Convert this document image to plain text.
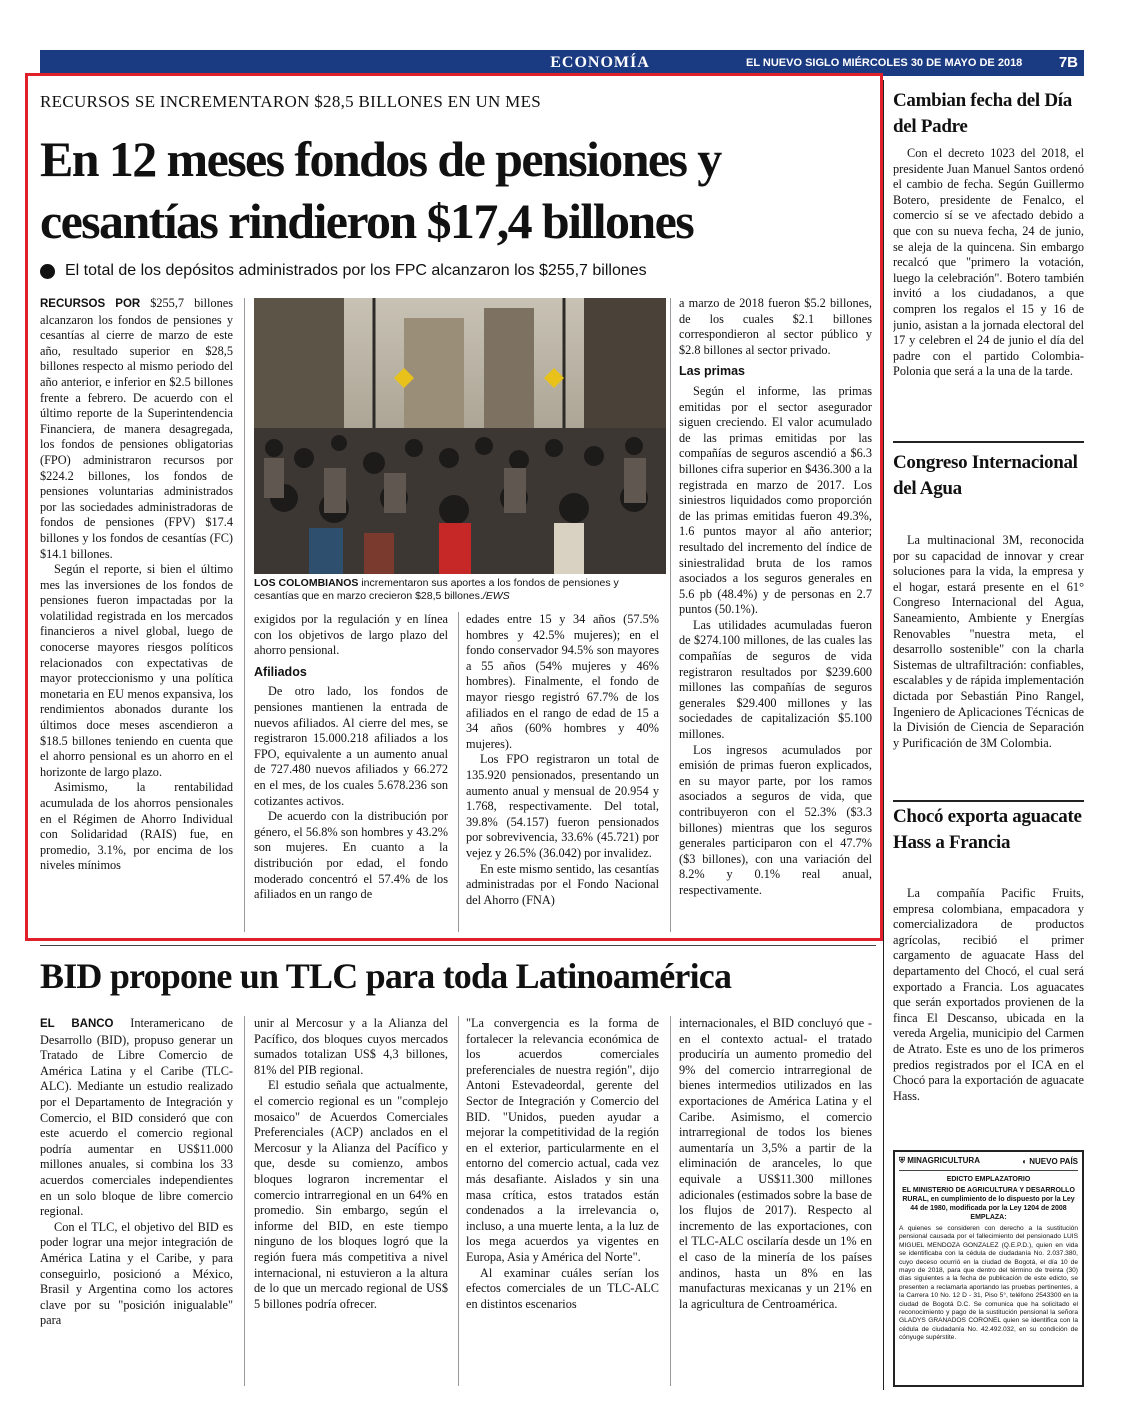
ECONOMÍA	EL NUEVO SIGLO MIÉRCOLES 30 DE MAYO DE 2018	7B
RECURSOS SE INCREMENTARON $28,5 BILLONES EN UN MES
En 12 meses fondos de pensiones y cesantías rindieron $17,4 billones
El total de los depósitos administrados por los FPC alcanzaron los $255,7 billones

RECURSOS POR $255,7 billones alcanzaron los fondos de pensiones y cesantías al cierre de marzo de este año, resultado superior en $28,5 billones respecto al mismo periodo del año anterior, e inferior en $2.5 billones frente a febrero. De acuerdo con el último reporte de la Superintendencia Financiera, de manera desagregada, los fondos de pensiones obligatorias (FPO) administraron recursos por $224.2 billones, los fondos de pensiones voluntarias administrados por las sociedades administradoras de fondos de pensiones (FPV) $17.4 billones y los fondos de cesantías (FC) $14.1 billones.

Según el reporte, si bien el último mes las inversiones de los fondos de pensiones fueron impactadas por la volatilidad registrada en los mercados financieros a nivel global, luego de conocerse mayores riesgos políticos relacionados con expectativas de mayor proteccionismo y una política monetaria en EU menos expansiva, los rendimientos abonados durante los últimos doce meses ascendieron a $18.5 billones teniendo en cuenta que el ahorro pensional es un ahorro en el horizonte de largo plazo.

Asimismo, la rentabilidad acumulada de los ahorros pensionales en el Régimen de Ahorro Individual con Solidaridad (RAIS) fue, en promedio, 3.1%, por encima de los niveles mínimos

LOS COLOMBIANOS incrementaron sus aportes a los fondos de pensiones y cesantías que en marzo crecieron $28,5 billones./EWS

exigidos por la regulación y en línea con los objetivos de largo plazo del ahorro pensional.

Afiliados

De otro lado, los fondos de pensiones mantienen la entrada de nuevos afiliados. Al cierre del mes, se registraron 15.000.218 afiliados a los FPO, equivalente a un aumento anual de 727.480 nuevos afiliados y 66.272 en el mes, de los cuales 5.678.236 son cotizantes activos.

De acuerdo con la distribución por género, el 56.8% son hombres y 43.2% son mujeres. En cuanto a la distribución por edad, el fondo moderado concentró el 57.4% de los afiliados en un rango de

edades entre 15 y 34 años (57.5% hombres y 42.5% mujeres); en el fondo conservador 94.5% son mayores a 55 años (54% mujeres y 46% hombres). Finalmente, el fondo de mayor riesgo registró 67.7% de los afiliados en el rango de edad de 15 a 34 años (60% hombres y 40% mujeres).

Los FPO registraron un total de 135.920 pensionados, presentando un aumento anual y mensual de 20.954 y 1.768, respectivamente. Del total, 39.8% (54.157) fueron pensionados por sobrevivencia, 33.6% (45.721) por vejez y 26.5% (36.042) por invalidez.

En este mismo sentido, las cesantías administradas por el Fondo Nacional del Ahorro (FNA)

a marzo de 2018 fueron $5.2 billones, de los cuales $2.1 billones correspondieron al sector público y $2.8 billones al sector privado.

Las primas

Según el informe, las primas emitidas por el sector asegurador siguen creciendo. El valor acumulado de las primas emitidas por las compañías de seguros ascendió a $6.3 billones cifra superior en $436.300 a la registrada en marzo de 2017. Los siniestros liquidados como proporción de las primas emitidas fueron 49.3%, 1.6 puntos mayor al año anterior; resultado del incremento del índice de siniestralidad bruta de los ramos asociados a los seguros generales en 5.6 pb (48.4%) y de personas en 2.7 puntos (50.1%).

Las utilidades acumuladas fueron de $274.100 millones, de las cuales las compañías de seguros de vida registraron resultados por $239.600 millones las compañías de seguros generales $29.400 millones y las sociedades de capitalización $5.100 millones.

Los ingresos acumulados por emisión de primas fueron explicados, en su mayor parte, por los ramos asociados a seguros de vida, que contribuyeron con el 52.3% ($3.3 billones) mientras que los seguros generales participaron con el 47.7% ($3 billones), con una variación del 8.2% y 0.1% real anual, respectivamente.

Cambian fecha del Día del Padre

Con el decreto 1023 del 2018, el presidente Juan Manuel Santos ordenó el cambio de fecha. Según Guillermo Botero, presidente de Fenalco, el comercio sí se ve afectado debido a que con su nueva fecha, 24 de junio, se aleja de la quincena. Sin embargo recalcó que "primero la votación, luego la celebración". Botero también invitó a los ciudadanos, a que compren los regalos el 15 y 16 de junio, asistan a la jornada electoral del 17 y celebren el 24 de junio el día del padre con el partido Colombia-Polonia que será a la una de la tarde.

Congreso Internacional del Agua

La multinacional 3M, reconocida por su capacidad de innovar y crear soluciones para la vida, la empresa y el hogar, estará presente en el 61° Congreso Internacional del Agua, Saneamiento, Ambiente y Energías Renovables "nuestra meta, el desarrollo sostenible" con la charla Sistemas de ultrafiltración: confiables, escalables y de rápida implementación dictada por Sebastián Pino Rangel, Ingeniero de Aplicaciones Técnicas de la División de Ciencia de Separación y Purificación de 3M Colombia.

Chocó exporta aguacate Hass a Francia

La compañía Pacific Fruits, empresa colombiana, empacadora y comercializadora de productos agrícolas, recibió el primer cargamento de aguacate Hass del departamento del Chocó, el cual será exportado a Francia. Los aguacates que serán exportados provienen de la finca El Descanso, ubicada en la vereda Argelia, municipio del Carmen de Atrato. Este es uno de los primeros predios registrados por el ICA en el Chocó para la exportación de aguacate Hass.

⛨ MINAGRICULTURA	◐ NUEVO PAÍS
EDICTO EMPLAZATORIO
EL MINISTERIO DE AGRICULTURA Y DESARROLLO RURAL, en cumplimiento de lo dispuesto por la Ley 44 de 1980, modificada por la Ley 1204 de 2008 EMPLAZA:
A quienes se consideren con derecho a la sustitución pensional causada por el fallecimiento del pensionado LUIS MIGUEL MENDOZA GONZALEZ (Q.E.P.D.), quien en vida se identificaba con la cédula de ciudadanía No. 2.037.380, cuyo deceso ocurrió en la ciudad de Bogotá, el día 10 de mayo de 2018, para que dentro del término de treinta (30) días siguientes a la fecha de publicación de este edicto, se presenten a reclamarla aportando las pruebas pertinentes, a la Carrera 10 No. 12 D - 31, Piso 5°, teléfono 2543300 en la ciudad de Bogotá D.C. Se comunica que ha solicitado el reconocimiento y pago de la sustitución pensional la señora GLADYS GRANADOS CORONEL quien se identifica con la cédula de ciudadanía No. 42.492.032, en su condición de cónyuge supérstite.
BID propone un TLC para toda Latinoamérica

EL BANCO Interamericano de Desarrollo (BID), propuso generar un Tratado de Libre Comercio de América Latina y el Caribe (TLC-ALC). Mediante un estudio realizado por el Departamento de Integración y Comercio, el BID consideró que con este acuerdo el comercio regional podría aumentar en US$11.000 millones anuales, si combina los 33 acuerdos comerciales independientes en un solo bloque de libre comercio regional.

Con el TLC, el objetivo del BID es poder lograr una mejor integración de América Latina y el Caribe, y para conseguirlo, posicionó a México, Brasil y Argentina como los actores clave por su "posición inigualable" para

unir al Mercosur y a la Alianza del Pacífico, dos bloques cuyos mercados sumados totalizan US$ 4,3 billones, 81% del PIB regional.

El estudio señala que actualmente, el comercio regional es un "complejo mosaico" de Acuerdos Comerciales Preferenciales (ACP) anclados en el Mercosur y la Alianza del Pacífico y que, desde su comienzo, ambos bloques lograron incrementar el comercio intrarregional en un 64% en promedio. Sin embargo, según el informe del BID, en este tiempo ninguno de los bloques logró que la región fuera más competitiva a nivel internacional, ni estuvieron a la altura de lo que un mercado regional de US$ 5 billones podría ofrecer.

"La convergencia es la forma de fortalecer la relevancia económica de los acuerdos comerciales preferenciales de nuestra región", dijo Antoni Estevadeordal, gerente del Sector de Integración y Comercio del BID. "Unidos, pueden ayudar a mejorar la competitividad de la región en el exterior, particularmente en el entorno del comercio actual, cada vez más desafiante. Aislados y sin una masa crítica, estos tratados están condenados a la irrelevancia o, incluso, a una muerte lenta, a la luz de los mega acuerdos ya vigentes en Europa, Asia y América del Norte".

Al examinar cuáles serían los efectos comerciales de un TLC-ALC en distintos escenarios

internacionales, el BID concluyó que -en el contexto actual- el tratado produciría un aumento promedio del 9% del comercio intrarregional de bienes intermedios utilizados en las exportaciones de América Latina y el Caribe. Asimismo, el comercio intrarregional de todos los bienes aumentaría un 3,5% a partir de la eliminación de aranceles, lo que equivale a US$11.300 millones adicionales (estimados sobre la base de los flujos de 2017). Respecto al incremento de las exportaciones, con el TLC-ALC oscilaría desde un 1% en el caso de la minería de los países andinos, hasta un 8% en las manufacturas mexicanas y un 21% en la agricultura de Centroamérica.
